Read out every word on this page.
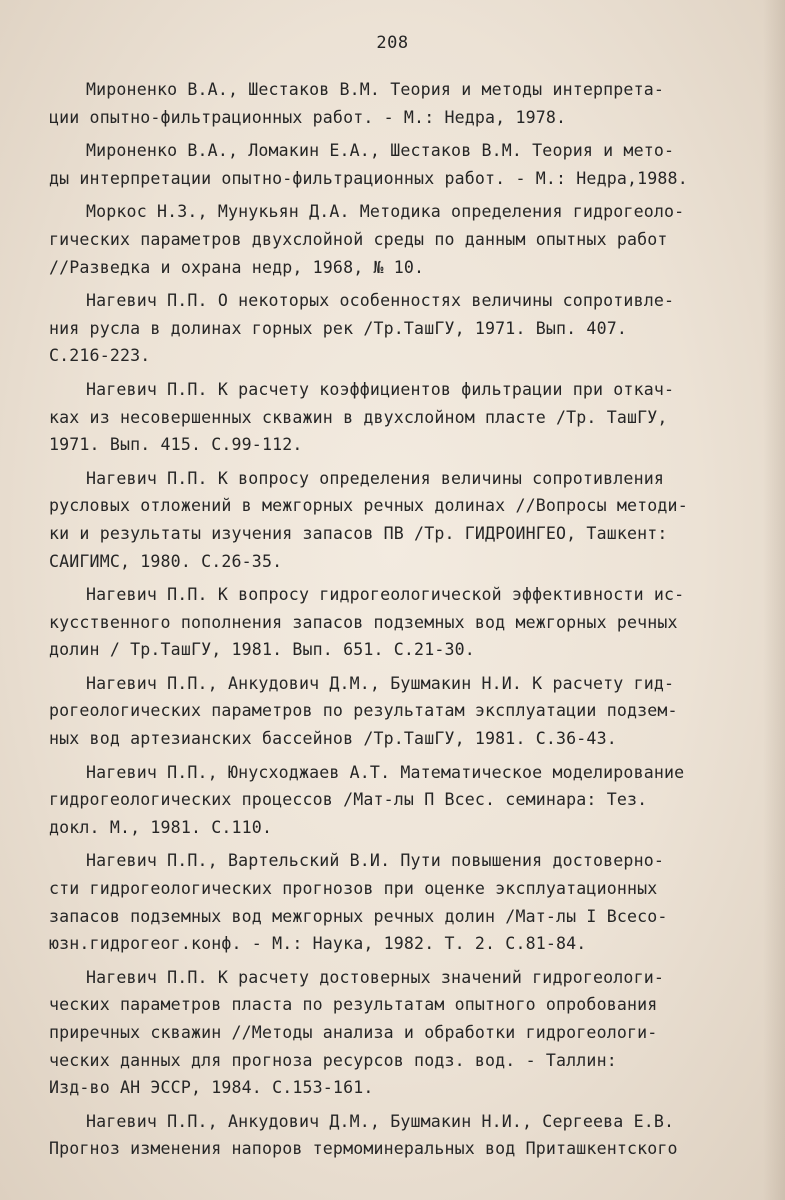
208
Мироненко В.А., Шестаков В.М. Теория и методы интерпрета-
ции опытно-фильтрационных работ. - М.: Недра, 1978.
Мироненко В.А., Ломакин Е.А., Шестаков В.М. Теория и мето-
ды интерпретации опытно-фильтрационных работ. - М.: Недра,1988.
Моркос Н.З., Мунукьян Д.А. Методика определения гидрогеоло-
гических параметров двухслойной среды по данным опытных работ
//Разведка и охрана недр, 1968, № 10.
Нагевич П.П. О некоторых особенностях величины сопротивле-
ния русла в долинах горных рек /Тр.ТашГУ, 1971. Вып. 407.
С.216-223.
Нагевич П.П. К расчету коэффициентов фильтрации при откач-
ках из несовершенных скважин в двухслойном пласте /Тр. ТашГУ,
1971. Вып. 415. С.99-112.
Нагевич П.П. К вопросу определения величины сопротивления
русловых отложений в межгорных речных долинах //Вопросы методи-
ки и результаты изучения запасов ПВ /Тр. ГИДРОИНГЕО, Ташкент:
САИГИМС, 1980. С.26-35.
Нагевич П.П. К вопросу гидрогеологической эффективности ис-
кусственного пополнения запасов подземных вод межгорных речных
долин / Тр.ТашГУ, 1981. Вып. 651. С.21-30.
Нагевич П.П., Анкудович Д.М., Бушмакин Н.И. К расчету гид-
рогеологических параметров по результатам эксплуатации подзем-
ных вод артезианских бассейнов /Тр.ТашГУ, 1981. С.36-43.
Нагевич П.П., Юнусходжаев А.Т. Математическое моделирование
гидрогеологических процессов /Мат-лы П Всес. семинара: Тез.
докл. М., 1981. С.110.
Нагевич П.П., Вартельский В.И. Пути повышения достоверно-
сти гидрогеологических прогнозов при оценке эксплуатационных
запасов подземных вод межгорных речных долин /Мат-лы I Всесо-
юзн.гидрогеог.конф. - М.: Наука, 1982. Т. 2. С.81-84.
Нагевич П.П. К расчету достоверных значений гидрогеологи-
ческих параметров пласта по результатам опытного опробования
приречных скважин //Методы анализа и обработки гидрогеологи-
ческих данных для прогноза ресурсов подз. вод. - Таллин:
Изд-во АН ЭССР, 1984. С.153-161.
Нагевич П.П., Анкудович Д.М., Бушмакин Н.И., Сергеева Е.В.
Прогноз изменения напоров термоминеральных вод Приташкентского
